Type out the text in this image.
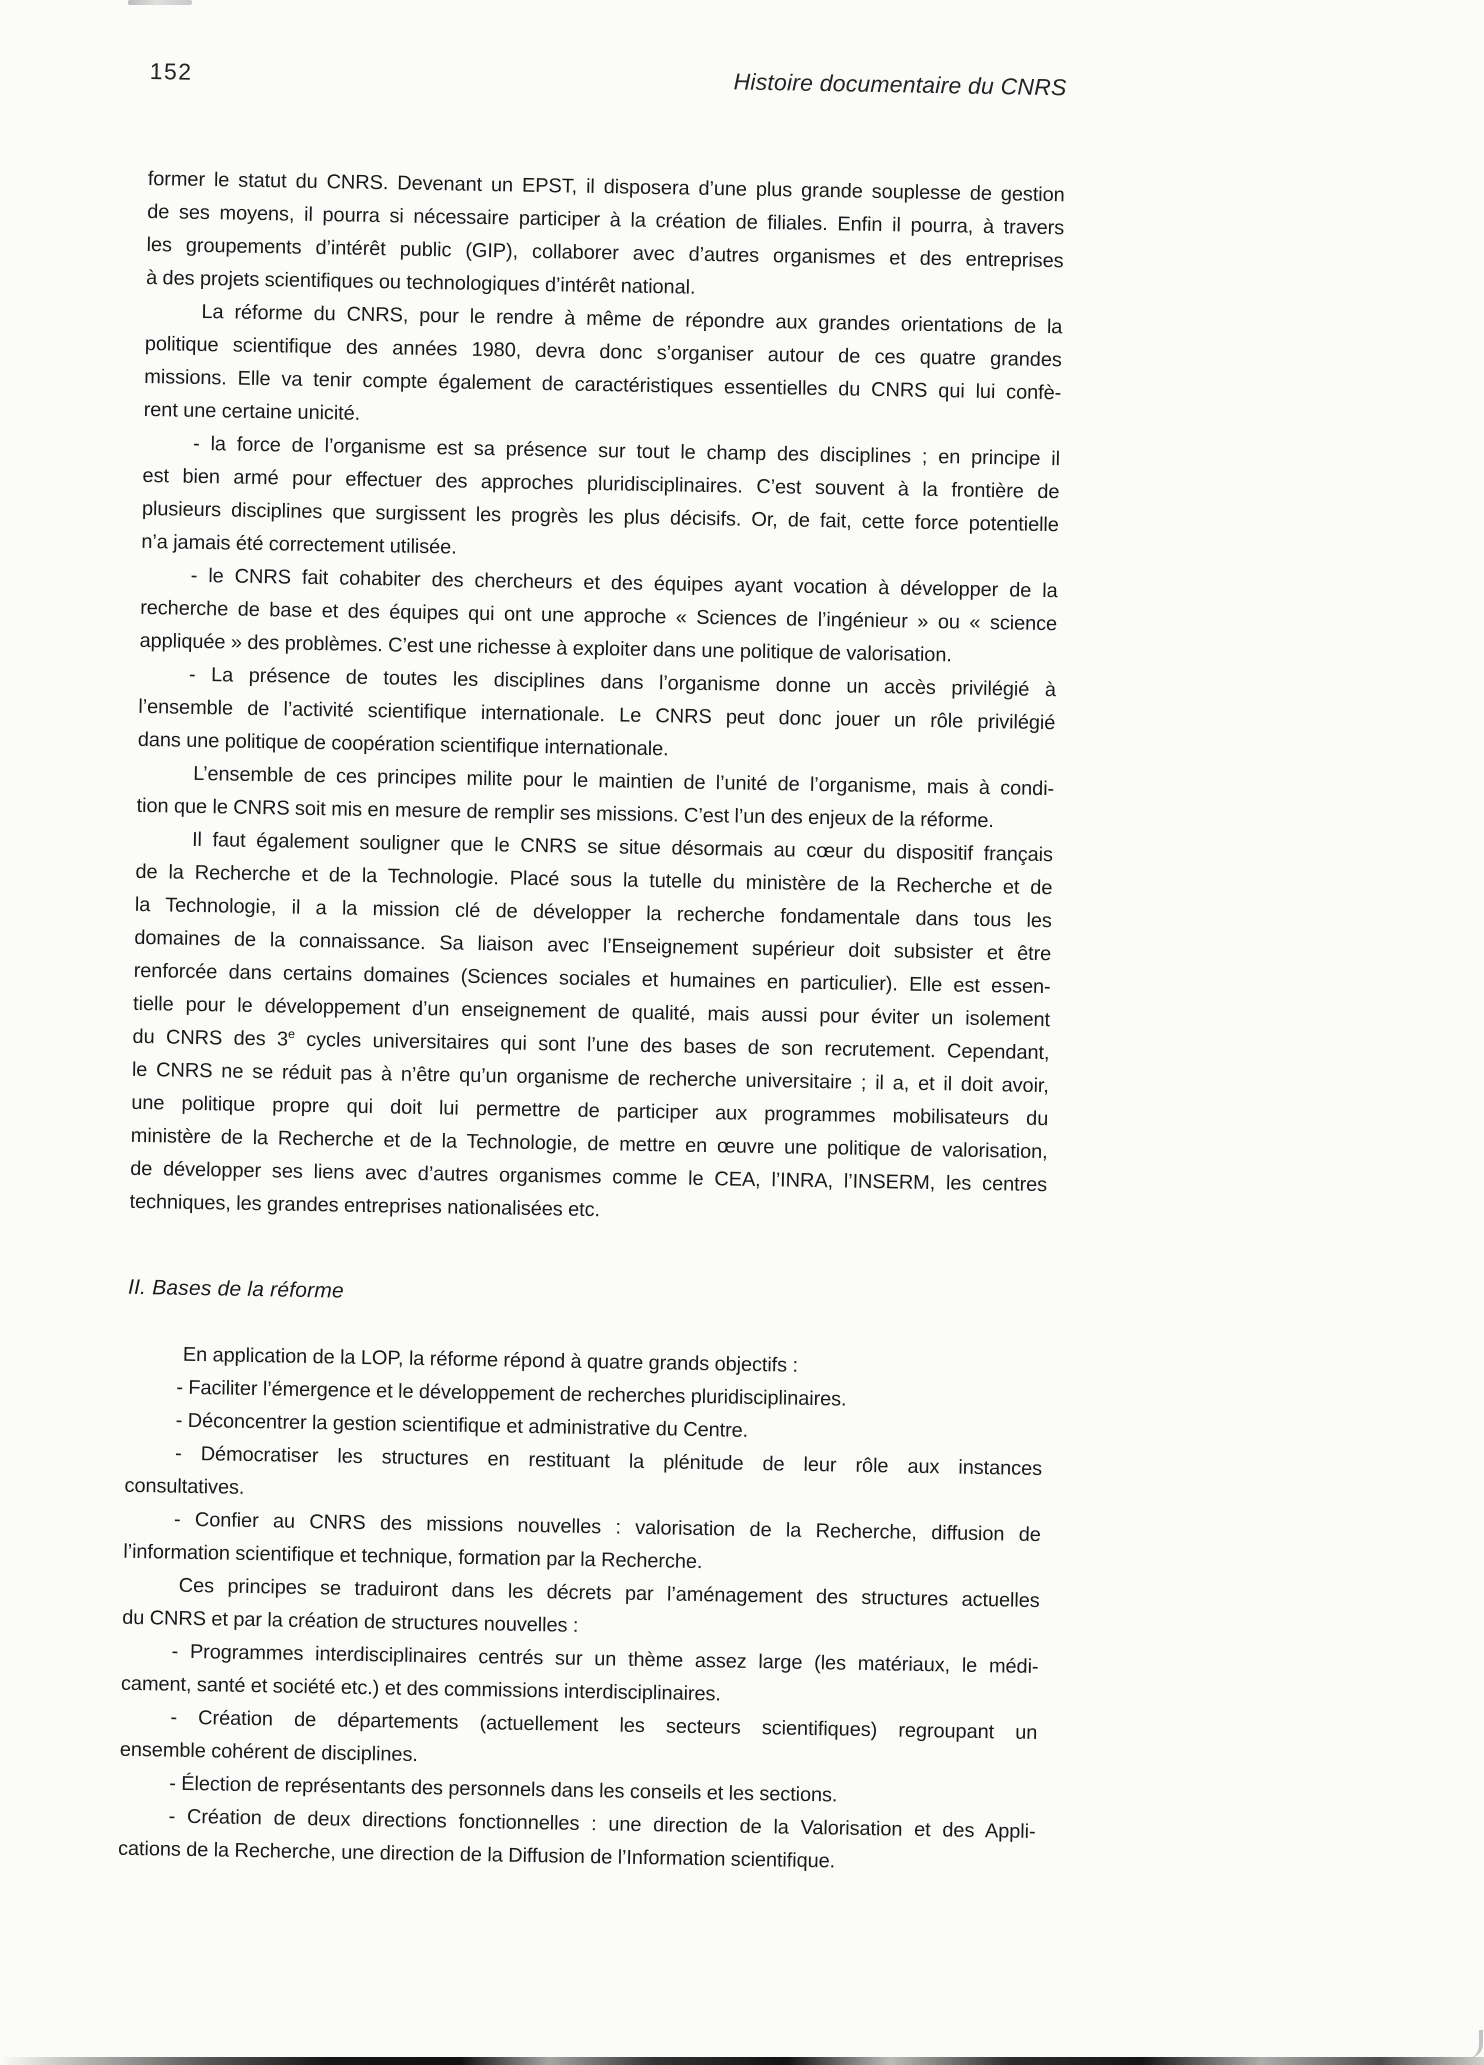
152	Histoire documentaire du CNRS
former le statut du CNRS. Devenant un EPST, il disposera d’une plus grande souplesse de gestion
de ses moyens, il pourra si nécessaire participer à la création de filiales. Enfin il pourra, à travers
les groupements d’intérêt public (GIP), collaborer avec d’autres organismes et des entreprises
à des projets scientifiques ou technologiques d’intérêt national.
La réforme du CNRS, pour le rendre à même de répondre aux grandes orientations de la
politique scientifique des années 1980, devra donc s’organiser autour de ces quatre grandes
missions. Elle va tenir compte également de caractéristiques essentielles du CNRS qui lui confè-
rent une certaine unicité.
- la force de l’organisme est sa présence sur tout le champ des disciplines ; en principe il
est bien armé pour effectuer des approches pluridisciplinaires. C’est souvent à la frontière de
plusieurs disciplines que surgissent les progrès les plus décisifs. Or, de fait, cette force potentielle
n’a jamais été correctement utilisée.
- le CNRS fait cohabiter des chercheurs et des équipes ayant vocation à développer de la
recherche de base et des équipes qui ont une approche « Sciences de l’ingénieur » ou « science
appliquée » des problèmes. C’est une richesse à exploiter dans une politique de valorisation.
- La présence de toutes les disciplines dans l’organisme donne un accès privilégié à
l’ensemble de l’activité scientifique internationale. Le CNRS peut donc jouer un rôle privilégié
dans une politique de coopération scientifique internationale.
L’ensemble de ces principes milite pour le maintien de l’unité de l’organisme, mais à condi-
tion que le CNRS soit mis en mesure de remplir ses missions. C’est l’un des enjeux de la réforme.
Il faut également souligner que le CNRS se situe désormais au cœur du dispositif français
de la Recherche et de la Technologie. Placé sous la tutelle du ministère de la Recherche et de
la Technologie, il a la mission clé de développer la recherche fondamentale dans tous les
domaines de la connaissance. Sa liaison avec l’Enseignement supérieur doit subsister et être
renforcée dans certains domaines (Sciences sociales et humaines en particulier). Elle est essen-
tielle pour le développement d’un enseignement de qualité, mais aussi pour éviter un isolement
du CNRS des 3e cycles universitaires qui sont l’une des bases de son recrutement. Cependant,
le CNRS ne se réduit pas à n’être qu’un organisme de recherche universitaire ; il a, et il doit avoir,
une politique propre qui doit lui permettre de participer aux programmes mobilisateurs du
ministère de la Recherche et de la Technologie, de mettre en œuvre une politique de valorisation,
de développer ses liens avec d’autres organismes comme le CEA, l’INRA, l’INSERM, les centres
techniques, les grandes entreprises nationalisées etc.
II. Bases de la réforme
En application de la LOP, la réforme répond à quatre grands objectifs :
- Faciliter l’émergence et le développement de recherches pluridisciplinaires.
- Déconcentrer la gestion scientifique et administrative du Centre.
- Démocratiser les structures en restituant la plénitude de leur rôle aux instances
consultatives.
- Confier au CNRS des missions nouvelles : valorisation de la Recherche, diffusion de
l’information scientifique et technique, formation par la Recherche.
Ces principes se traduiront dans les décrets par l’aménagement des structures actuelles
du CNRS et par la création de structures nouvelles :
- Programmes interdisciplinaires centrés sur un thème assez large (les matériaux, le médi-
cament, santé et société etc.) et des commissions interdisciplinaires.
- Création de départements (actuellement les secteurs scientifiques) regroupant un
ensemble cohérent de disciplines.
- Élection de représentants des personnels dans les conseils et les sections.
- Création de deux directions fonctionnelles : une direction de la Valorisation et des Appli-
cations de la Recherche, une direction de la Diffusion de l’Information scientifique.
